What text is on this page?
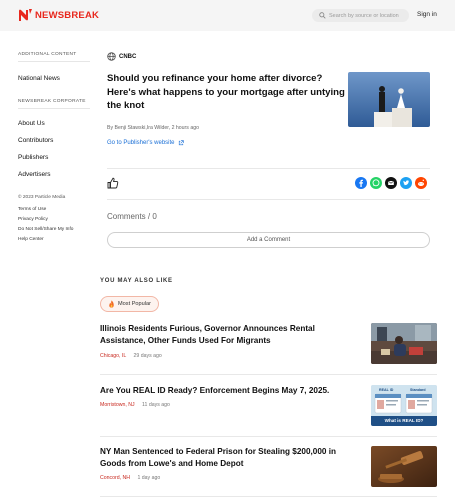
NEWSBREAK
Search by source or location	Sign in
ADDITIONAL CONTENT
National News
NEWSBREAK CORPORATE
About Us
Contributors
Publishers
Advertisers
© 2023 Particle Media
Terms of Use
Privacy Policy
Do Not Sell/Share My Info
Help Center
CNBC
Should you refinance your home after divorce? Here's what happens to your mortgage after untying the knot
By Benji Stawski,Ira Wilder, 2 hours ago
Go to Publisher's website
Comments / 0
Add a Comment
YOU MAY ALSO LIKE
Most Popular
Illinois Residents Furious, Governor Announces Rental Assistance, Other Funds Used For Migrants
Chicago, IL 29 days ago
Are You REAL ID Ready? Enforcement Begins May 7, 2025.
Morristown, NJ 11 days ago
REAL ID	Standard
What is REAL ID?
NY Man Sentenced to Federal Prison for Stealing $200,000 in Goods from Lowe's and Home Depot
Concord, NH 1 day ago
